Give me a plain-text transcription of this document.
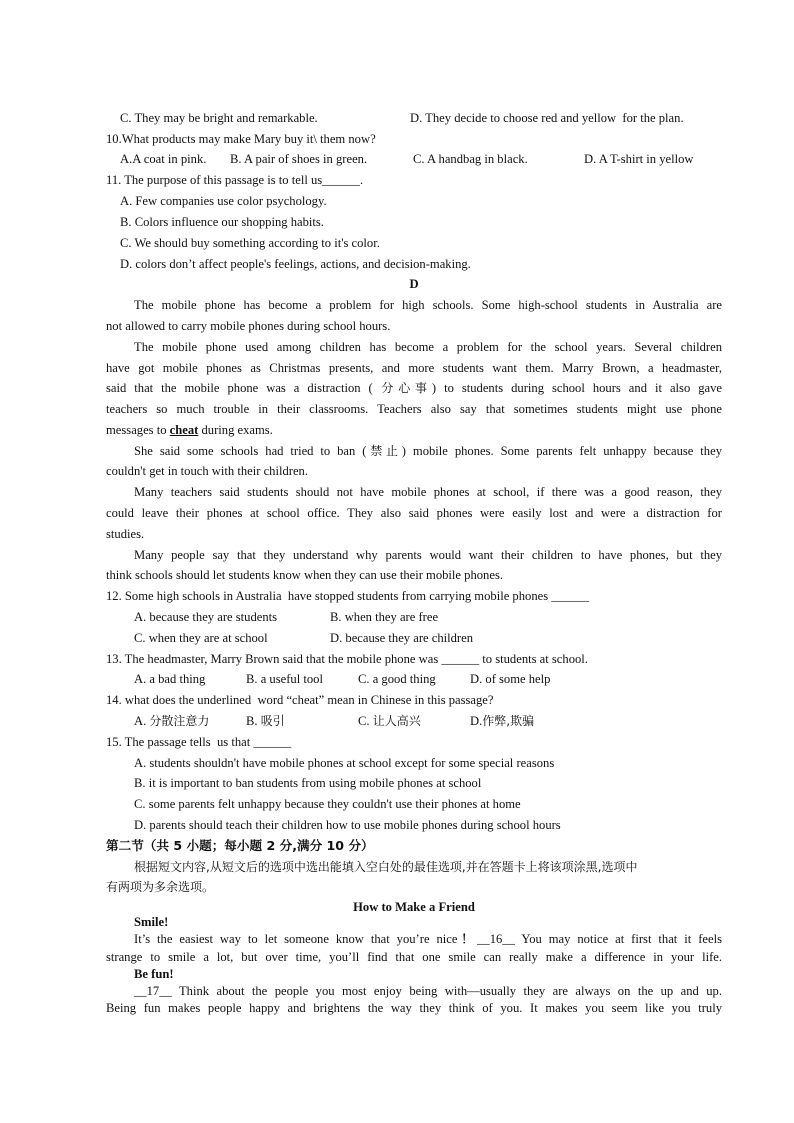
C. They may be bright and remarkable.	D. They decide to choose red and yellow  for the plan.
10.What products may make Mary buy it\ them now?
A.A coat in pink. B. A pair of shoes in green.	C. A handbag in black.	D. A T-shirt in yellow
11. The purpose of this passage is to tell us______.
A. Few companies use color psychology.
B. Colors influence our shopping habits.
C. We should buy something according to it's color.
D. colors don’t affect people's feelings, actions, and decision-making.
D
The mobile phone has become a problem for high schools. Some high-school students in Australia are
not allowed to carry mobile phones during school hours.
The mobile phone used among children has become a problem for the school years. Several children
have got mobile phones as Christmas presents, and more students want them. Marry Brown, a headmaster,
said that the mobile phone was a distraction ( 分心事) to students during school hours and it also gave
teachers so much trouble in their classrooms. Teachers also say that sometimes students might use phone
messages to cheat during exams.
She said some schools had tried to ban (禁止) mobile phones. Some parents felt unhappy because they
couldn't get in touch with their children.
Many teachers said students should not have mobile phones at school, if there was a good reason, they
could leave their phones at school office. They also said phones were easily lost and were a distraction for
studies.
Many people say that they understand why parents would want their children to have phones, but they
think schools should let students know when they can use their mobile phones.
12. Some high schools in Australia  have stopped students from carrying mobile phones ______
A. because they are students	B. when they are free
C. when they are at school	D. because they are children
13. The headmaster, Marry Brown said that the mobile phone was ______ to students at school.
A. a bad thing	B. a useful tool	C. a good thing	D. of some help
14. what does the underlined  word “cheat” mean in Chinese in this passage?
A. 分散注意力	B. 吸引	C. 让人高兴	D.作弊,欺骗
15. The passage tells  us that ______
A. students shouldn't have mobile phones at school except for some special reasons
B. it is important to ban students from using mobile phones at school
C. some parents felt unhappy because they couldn't use their phones at home
D. parents should teach their children how to use mobile phones during school hours
第二节（共 5 小题；每小题 2 分,满分 10 分）
根据短文内容,从短文后的选项中选出能填入空白处的最佳选项,并在答题卡上将该项涂黑,选项中
有两项为多余选项。
How to Make a Friend
Smile!
It’s the easiest way to let someone know that you’re nice！__16__ You may notice at first that it feels
strange to smile a lot, but over time, you’ll find that one smile can really make a difference in your life.
Be fun!
__17__ Think about the people you most enjoy being with—usually they are always on the up and up.
Being fun makes people happy and brightens the way they think of you. It makes you seem like you truly
